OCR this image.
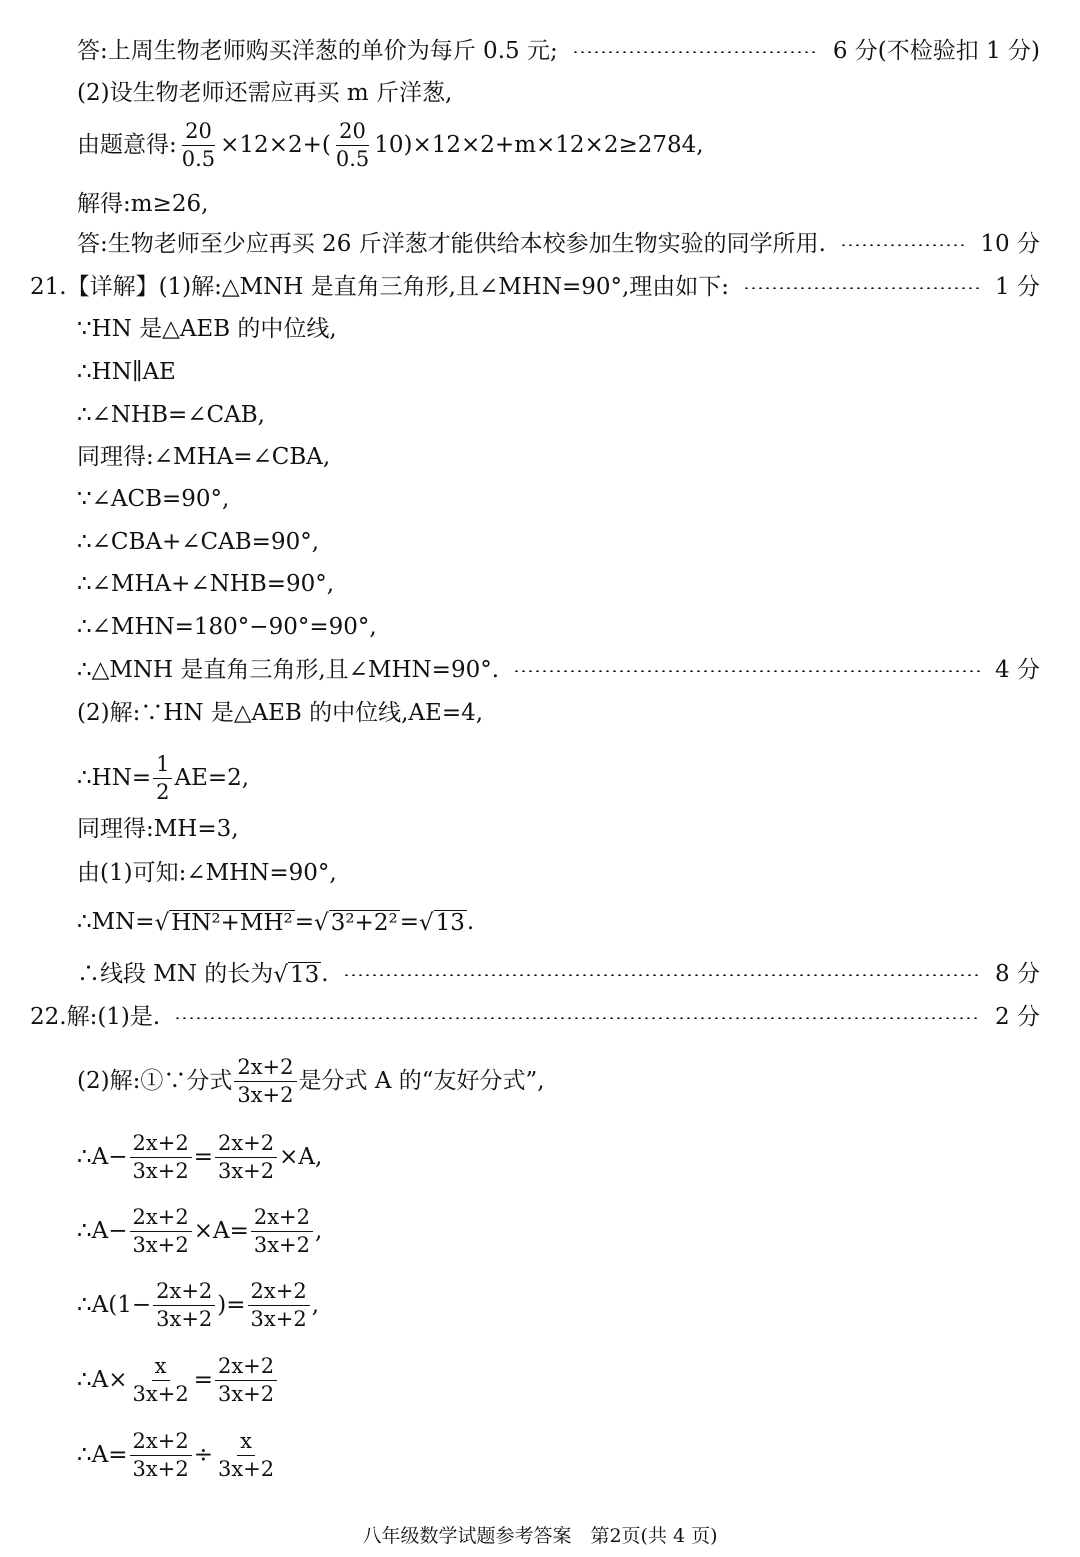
答:上周生物老师购买洋葱的单价为每斤 0.5 元;	6 分(不检验扣 1 分)
(2)设生物老师还需应再买 m 斤洋葱,
由题意得: $\frac{20}{0.5} \times 12\times 2+( \frac{20}{0.5} 10)\times 12\times 2+m\times 12\times 2\ge 2784$,
解得:m≥26,
答:生物老师至少应再买 26 斤洋葱才能供给本校参加生物实验的同学所用.	10 分
21.【详解】(1)解:△MNH 是直角三角形,且∠MHN=90°,理由如下:	1 分
∵HN 是△AEB 的中位线,
∴HN∥AE
∴∠NHB=∠CAB,
同理得:∠MHA=∠CBA,
∵∠ACB=90°,
∴∠CBA+∠CAB=90°,
∴∠MHA+∠NHB=90°,
∴∠MHN=180°−90°=90°,
∴△MNH 是直角三角形,且∠MHN=90°.	4 分
(2)解:∵HN 是△AEB 的中位线,AE=4,
∴HN= $\frac{1}{2} AE=2$,
同理得:MH=3,
由(1)可知:∠MHN=90°,
∴MN= √ HN²+MH² = √ 3²+2² = √ 13 .
∴线段 MN 的长为 √ 13 .	8 分
22.解:(1)是.	2 分
(2)解:①∵分式 $\frac{2x+2}{3x+2}$ 是分式 A 的“友好分式”,
∴A− $\frac{2x+2}{3x+2} = \frac{2x+2}{3x+2} \times A$,
∴A− $\frac{2x+2}{3x+2} \times A= \frac{2x+2}{3x+2}$ ,
∴A(1− $\frac{2x+2}{3x+2}$ )= $\frac{2x+2}{3x+2}$ ,
∴A× $\frac{x}{3x+2} = \frac{2x+2}{3x+2}$
∴A= $\frac{2x+2}{3x+2} \div \frac{x}{3x+2}$
八年级数学试题参考答案　第2页(共 4 页)
